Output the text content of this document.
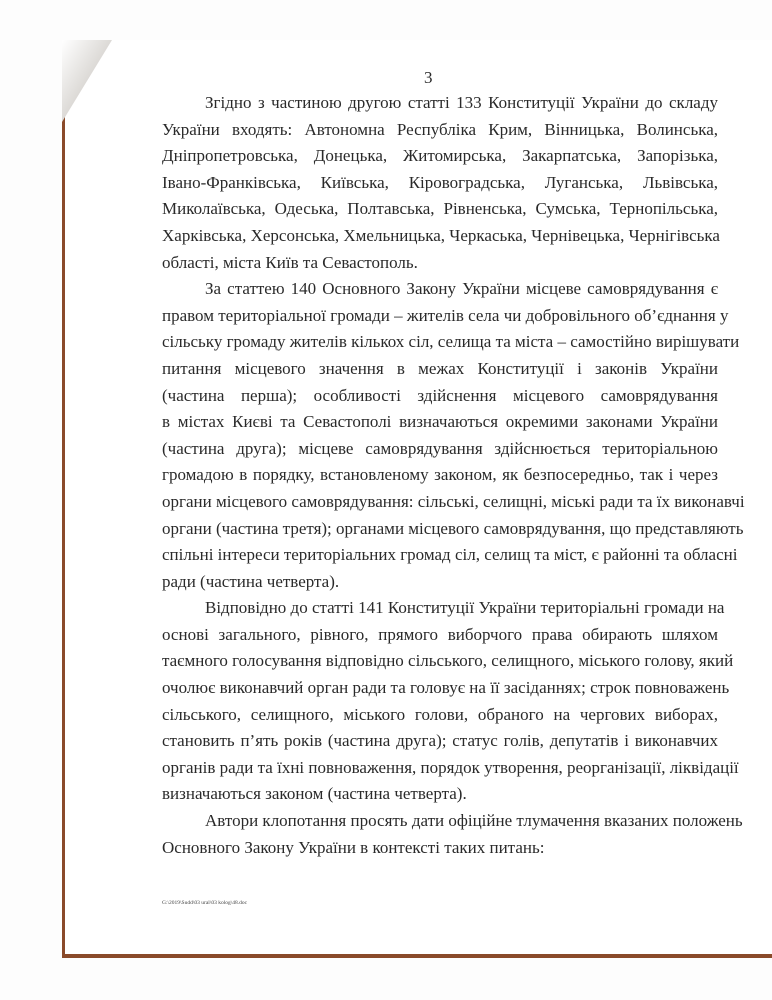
3
Згідно з частиною другою статті 133 Конституції України до складу
України входять: Автономна Республіка Крим, Вінницька, Волинська,
Дніпропетровська, Донецька, Житомирська, Закарпатська, Запорізька,
Івано-Франківська, Київська, Кіровоградська, Луганська, Львівська,
Миколаївська, Одеська, Полтавська, Рівненська, Сумська, Тернопільська,
Харківська, Херсонська, Хмельницька, Черкаська, Чернівецька, Чернігівська
області, міста Київ та Севастополь.
За статтею 140 Основного Закону України місцеве самоврядування є
правом територіальної громади – жителів села чи добровільного об’єднання у
сільську громаду жителів кількох сіл, селища та міста – самостійно вирішувати
питання місцевого значення в межах Конституції і законів України
(частина перша); особливості здійснення місцевого самоврядування
в містах Києві та Севастополі визначаються окремими законами України
(частина друга); місцеве самоврядування здійснюється територіальною
громадою в порядку, встановленому законом, як безпосередньо, так і через
органи місцевого самоврядування: сільські, селищні, міські ради та їх виконавчі
органи (частина третя); органами місцевого самоврядування, що представляють
спільні інтереси територіальних громад сіл, селищ та міст, є районні та обласні
ради (частина четверта).
Відповідно до статті 141 Конституції України територіальні громади на
основі загального, рівного, прямого виборчого права обирають шляхом
таємного голосування відповідно сільського, селищного, міського голову, який
очолює виконавчий орган ради та головує на її засіданнях; строк повноважень
сільського, селищного, міського голови, обраного на чергових виборах,
становить п’ять років (частина друга); статус голів, депутатів і виконавчих
органів ради та їхні повноваження, порядок утворення, реорганізації, ліквідації
визначаються законом (частина четверта).
Автори клопотання просять дати офіційне тлумачення вказаних положень
Основного Закону України в контексті таких питань:
G:\2019\Sudd\03 ural\03 kolog\48.doc
